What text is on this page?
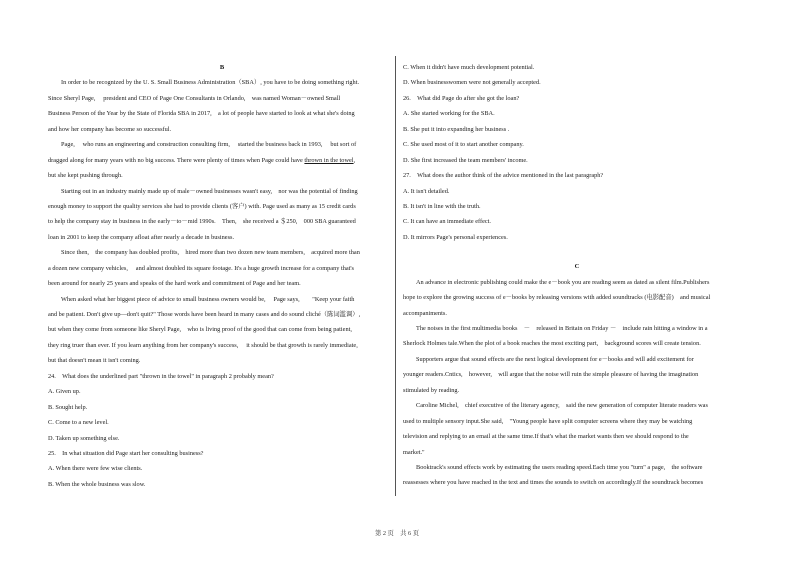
B
In order to be recognized by the U. S. Small Business Administration（SBA）, you have to be doing something right.
Since Sheryl Page,　 president and CEO of Page One Consultants in Orlando,　was named Woman－owned Small
Business Person of the Year by the State of Florida SBA in 2017,　a lot of people have started to look at what she's doing
and how her company has become so successful.
Page,　 who runs an engineering and construction consulting firm,　 started the business back in 1993,　 but sort of
dragged along for many years with no big success. There were plenty of times when Page could have thrown in the towel,
but she kept pushing through.
Starting out in an industry mainly made up of male－owned businesses wasn't easy,　nor was the potential of finding
enough money to support the quality services she had to provide clients (客户) with. Page used as many as 15 credit cards
to help the company stay in business in the early－to－mid 1990s.　Then,　she received a ＄250,　000 SBA guaranteed
loan in 2001 to keep the company afloat after nearly a decade in business.
Since then,　the company has doubled profits,　hired more than two dozen new team members,　acquired more than
a dozen new company vehicles,　 and almost doubled its square footage. It's a huge growth increase for a company that's
been around for nearly 25 years and speaks of the hard work and commitment of Page and her team.
When asked what her biggest piece of advice to small business owners would be,　 Page says,　　"Keep your faith
and be patient. Don't give up—don't quit?" Those words have been heard in many cases and do sound cliché（陈词滥调）,
but when they come from someone like Sheryl Page,　who is living proof of the good that can come from being patient,
they ring truer than ever. If you learn anything from her company's success,　 it should be that growth is rarely immediate,
but that doesn't mean it isn't coming.
24.　What does the underlined part "thrown in the towel" in paragraph 2 probably mean?
A. Given up.
B. Sought help.
C. Come to a new level.
D. Taken up something else.
25.　In what situation did Page start her consulting business?
A. When there were few wise clients.
B. When the whole business was slow.
C. When it didn't have much development potential.
D. When businesswomen were not generally accepted.
26.　What did Page do after she got the loan?
A. She started working for the SBA.
B. She put it into expanding her business .
C. She used most of it to start another company.
D. She first increased the team members' income.
27.　What does the author think of the advice mentioned in the last paragraph?
A. It isn't detailed.
B. It isn't in line with the truth.
C. It can have an immediate effect.
D. It mirrors Page's personal experiences.
C
An advance in electronic publishing could make the e－book you are reading seem as dated as silent film.Publishers
hope to explore the growing success of e－books by releasing versions with added soundtracks (电影配音)　and musical
accompaniments.
The noises in the first multimedia books　－　released in Britain on Friday －　include rain hitting a window in a
Sherlock Holmes tale.When the plot of a book reaches the most exciting part,　background scores will create tension.
Supporters argue that sound effects are the next logical development for e－books and will add excitement for
younger readers.Cntics,　however,　will argue that the noise will ruin the simple pleasure of having the imagination
stimulated by reading.
Caroline Michel,　chief executive of the literary agency,　said the new generation of computer literate readers was
used to multiple sensory input.She said,　"Young people have split computer screens where they may be watching
television and replying to an email at the same time.If that's what the market wants then we should respond to the
market."
Booktrack's sound effects work by estimating the users reading speed.Each time you "turn" a page,　the software
reassesses where you have reached in the text and times the sounds to switch on accordingly.If the soundtrack becomes
第 2 页　共 6 页
